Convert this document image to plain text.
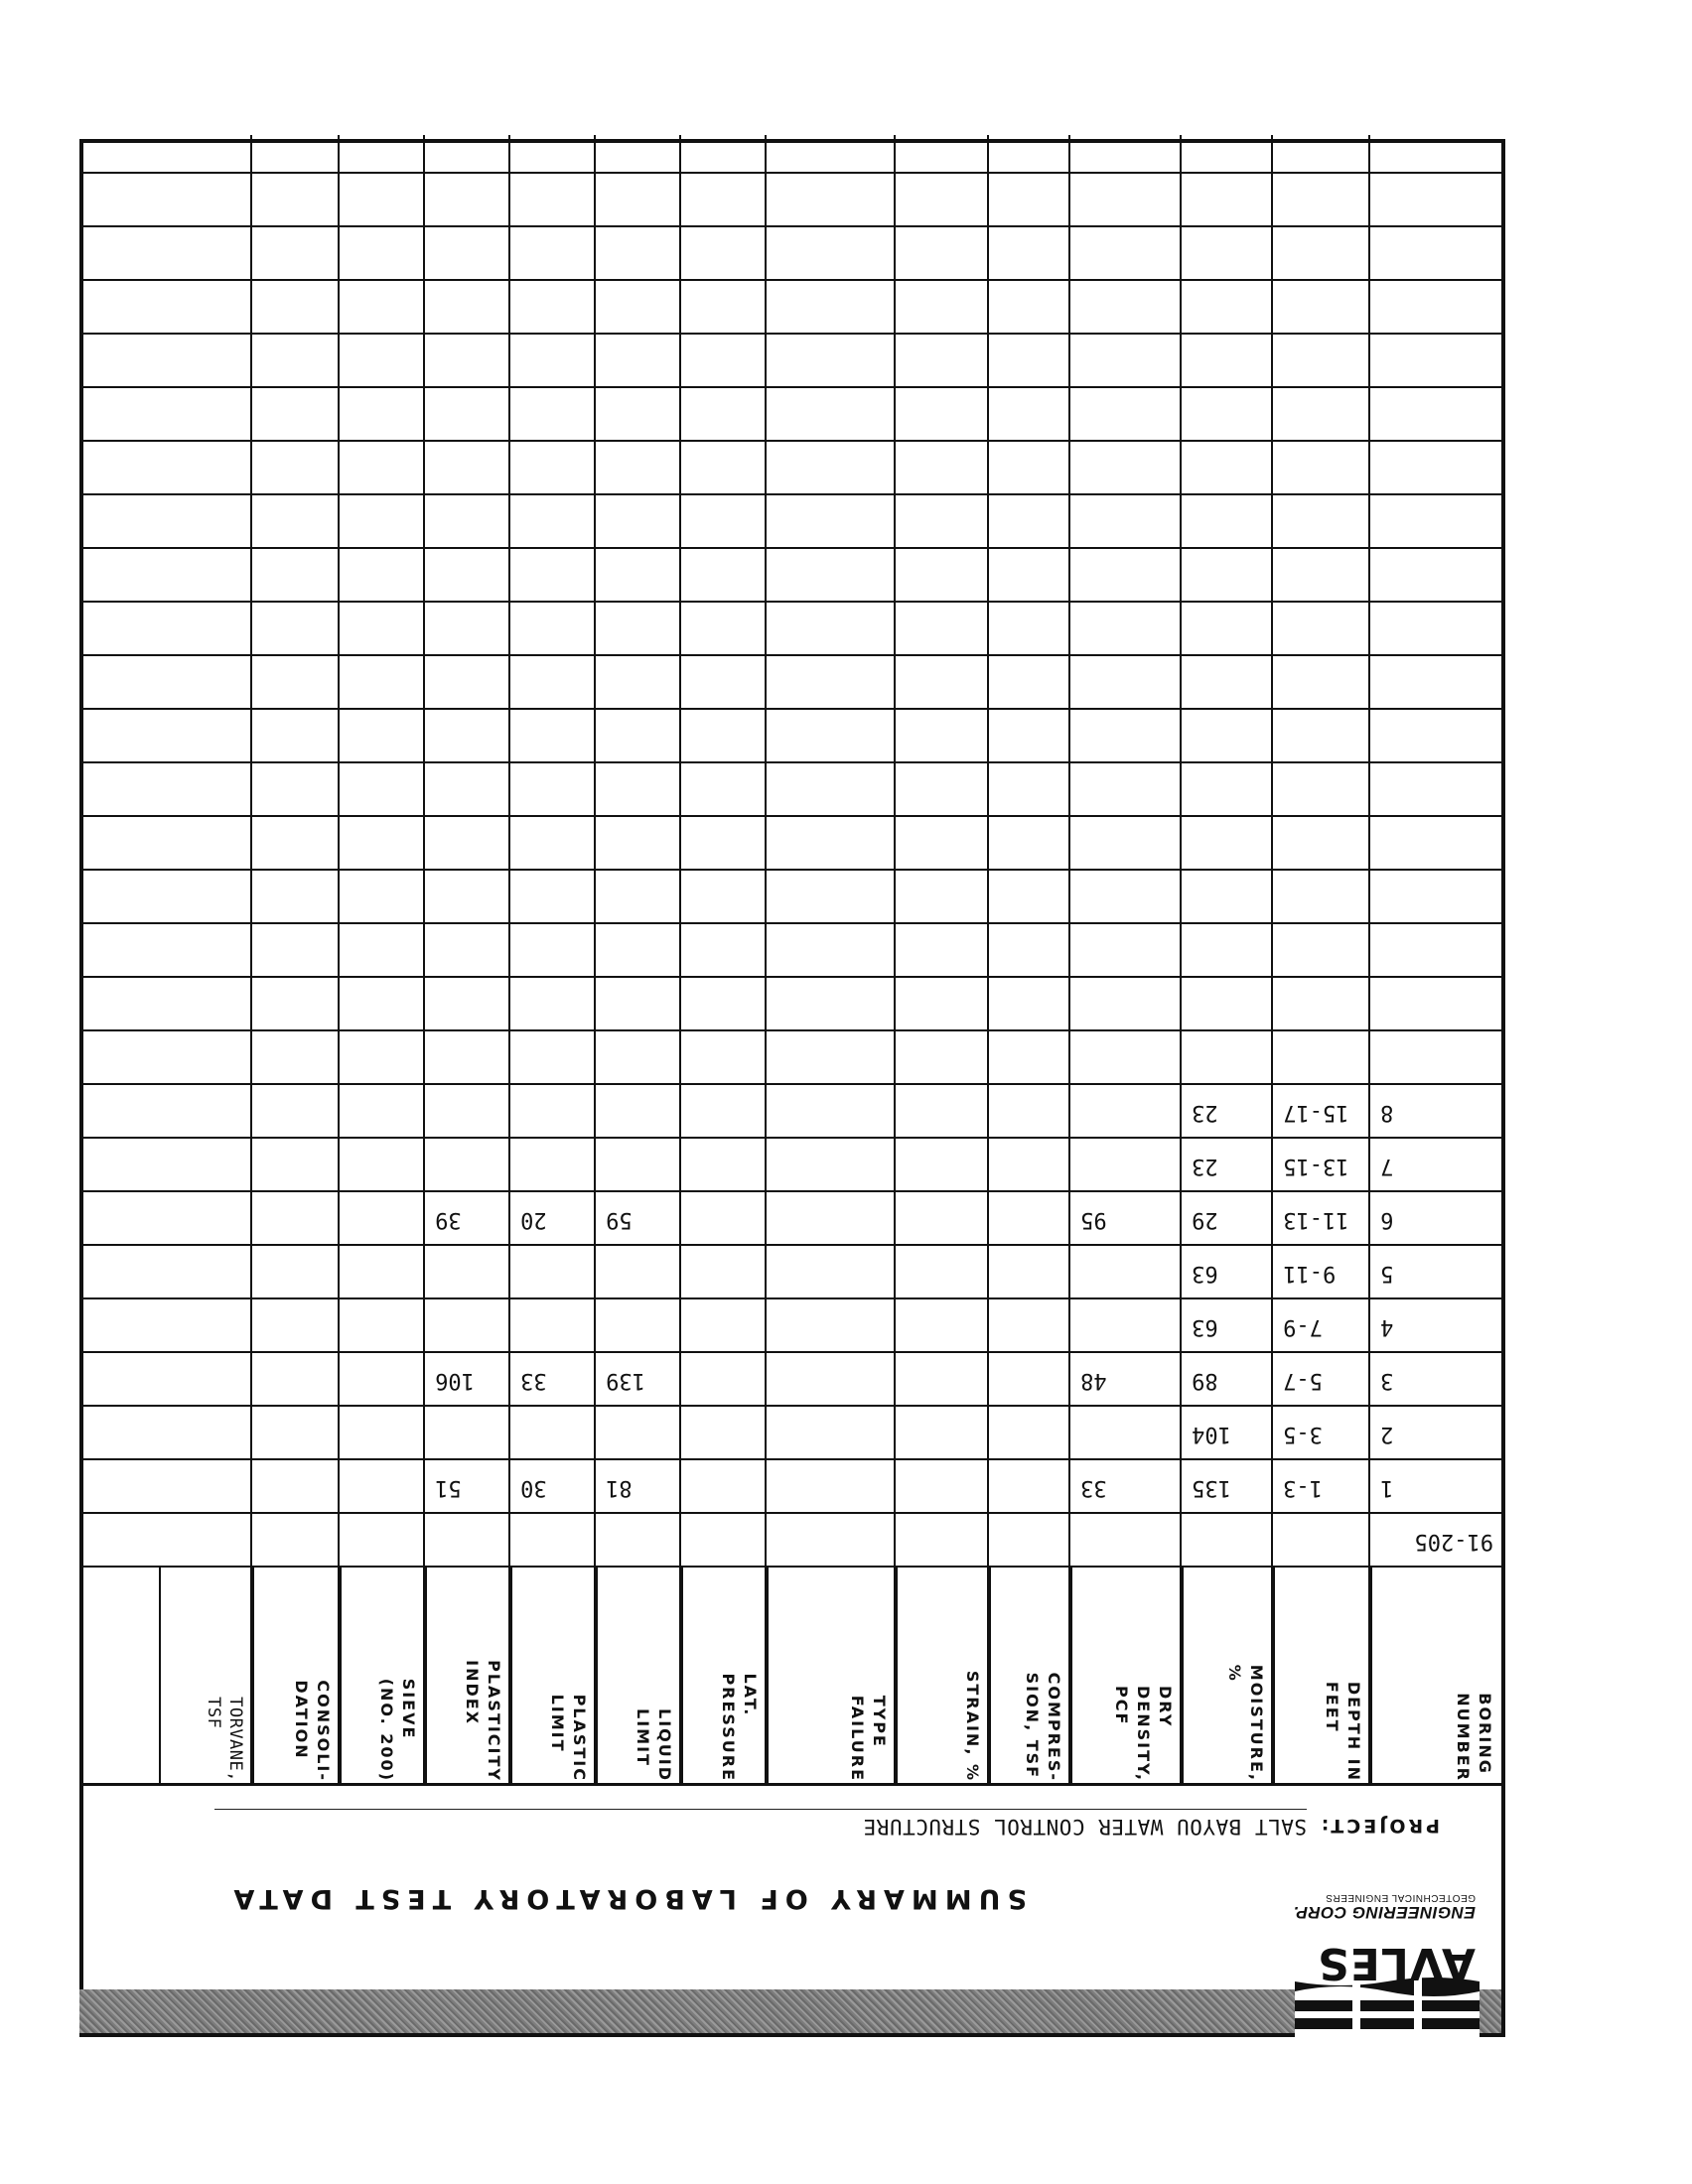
AVLES
ENGINEERING CORP.
GEOTECHNICAL ENGINEERS
SUMMARY OF LABORATORY TEST DATA
PROJECT:
SALT BAYOU WATER CONTROL STRUCTURE
BORING
NUMBER
DEPTH IN
FEET
MOISTURE,
%
DRY
DENSITY,
PCF
COMPRES-
SION, TSF
STRAIN, %
TYPE
FAILURE
LAT.
PRESSURE
LIQUID
LIMIT
PLASTIC
LIMIT
PLASTICITY
INDEX
SIEVE
(NO. 200)
CONSOLI-
DATION
TORVANE,
TSF
91-205
1
1-3
135
33
81
30
51
2
3-5
104
3
5-7
89
48
139
33
106
4
7-9
63
5
9-11
63
6
11-13
29
95
59
20
39
7
13-15
23
8
15-17
23
